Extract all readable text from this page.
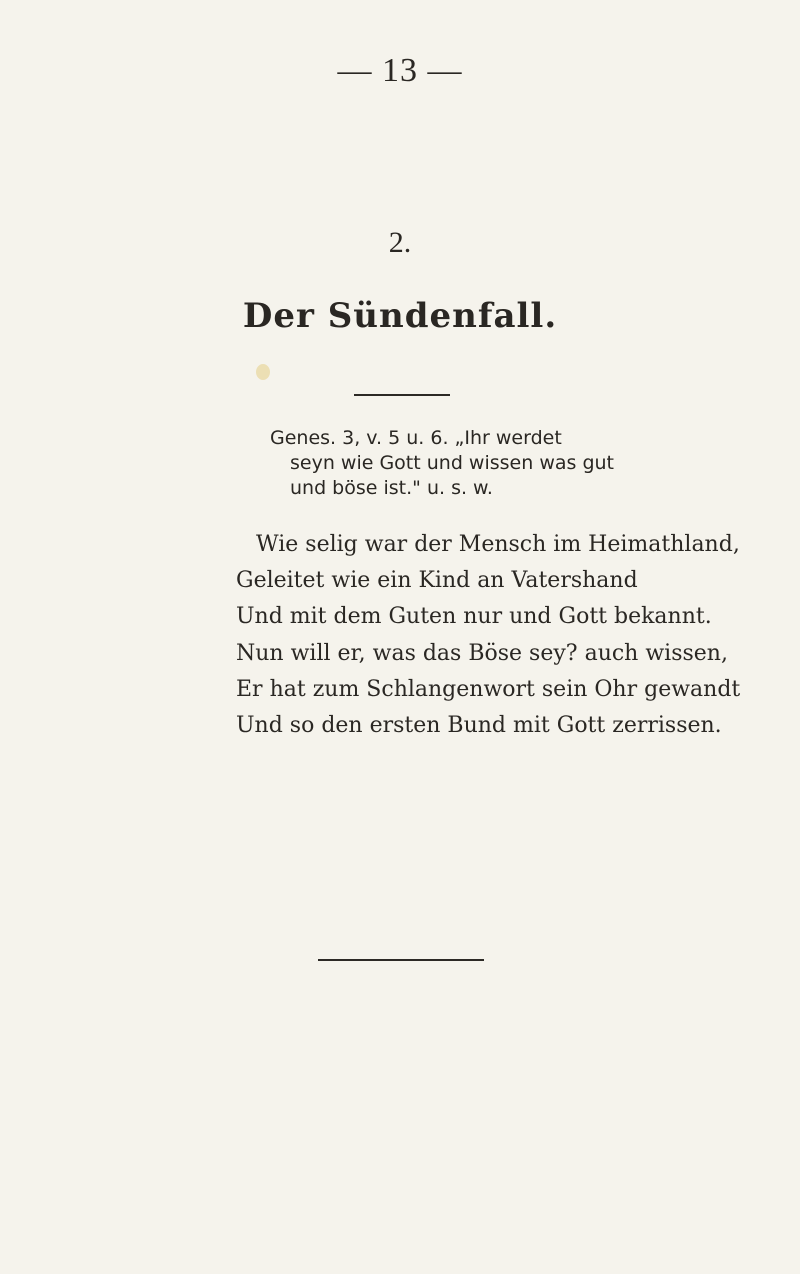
— 13 —
2.
Der Sündenfall.
Genes. 3, v. 5 u. 6. „Ihr werdet
seyn wie Gott und wissen was gut
und böse ist." u. s. w.
Wie selig war der Mensch im Heimathland,
Geleitet wie ein Kind an Vatershand
Und mit dem Guten nur und Gott bekannt.
Nun will er, was das Böse sey? auch wissen,
Er hat zum Schlangenwort sein Ohr gewandt
Und so den ersten Bund mit Gott zerrissen.
